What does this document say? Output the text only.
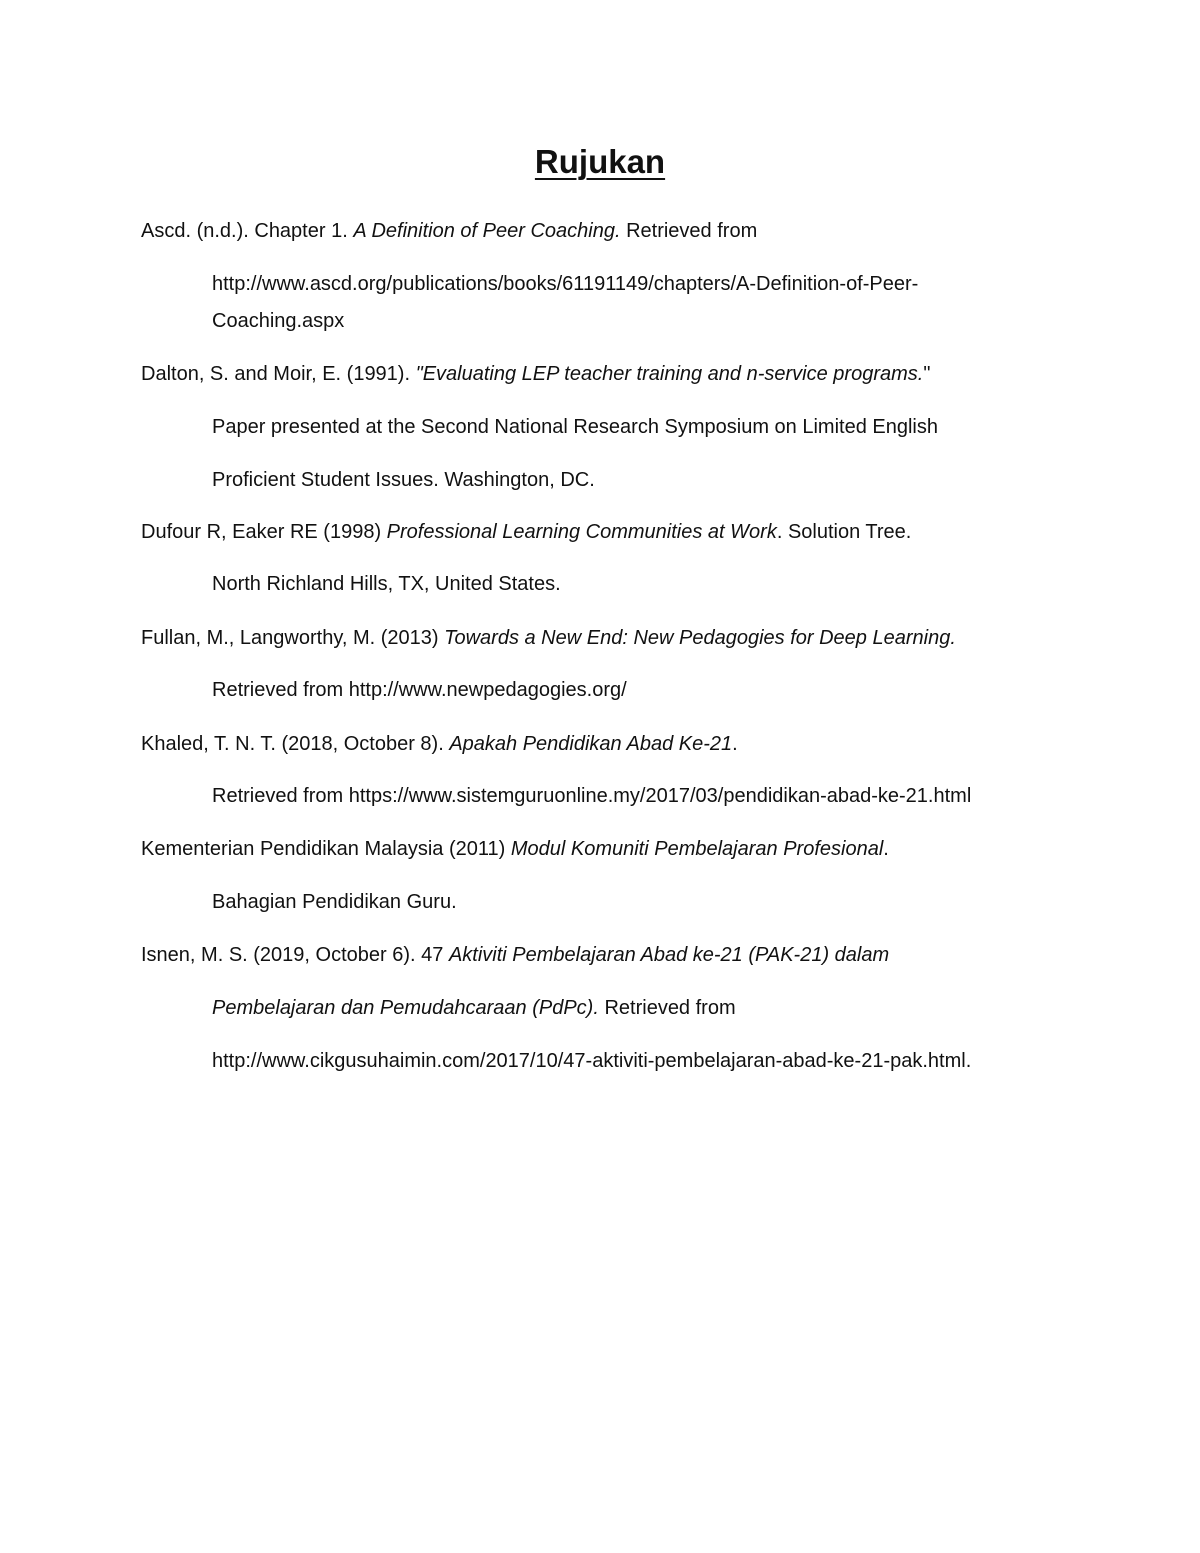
Rujukan
Ascd. (n.d.). Chapter 1. A Definition of Peer Coaching. Retrieved from
http://www.ascd.org/publications/books/61191149/chapters/A-Definition-of-Peer-
Coaching.aspx
Dalton, S. and Moir, E. (1991). "Evaluating LEP teacher training and n-service programs."
Paper presented at the Second National Research Symposium on Limited English
Proficient Student Issues. Washington, DC.
Dufour R, Eaker RE (1998) Professional Learning Communities at Work. Solution Tree.
North Richland Hills, TX, United States.
Fullan, M., Langworthy, M. (2013) Towards a New End: New Pedagogies for Deep Learning.
Retrieved from http://www.newpedagogies.org/
Khaled, T. N. T. (2018, October 8). Apakah Pendidikan Abad Ke-21.
Retrieved from https://www.sistemguruonline.my/2017/03/pendidikan-abad-ke-21.html
Kementerian Pendidikan Malaysia (2011) Modul Komuniti Pembelajaran Profesional.
Bahagian Pendidikan Guru.
Isnen, M. S. (2019, October 6). 47 Aktiviti Pembelajaran Abad ke-21 (PAK-21) dalam
Pembelajaran dan Pemudahcaraan (PdPc). Retrieved from
http://www.cikgusuhaimin.com/2017/10/47-aktiviti-pembelajaran-abad-ke-21-pak.html.
